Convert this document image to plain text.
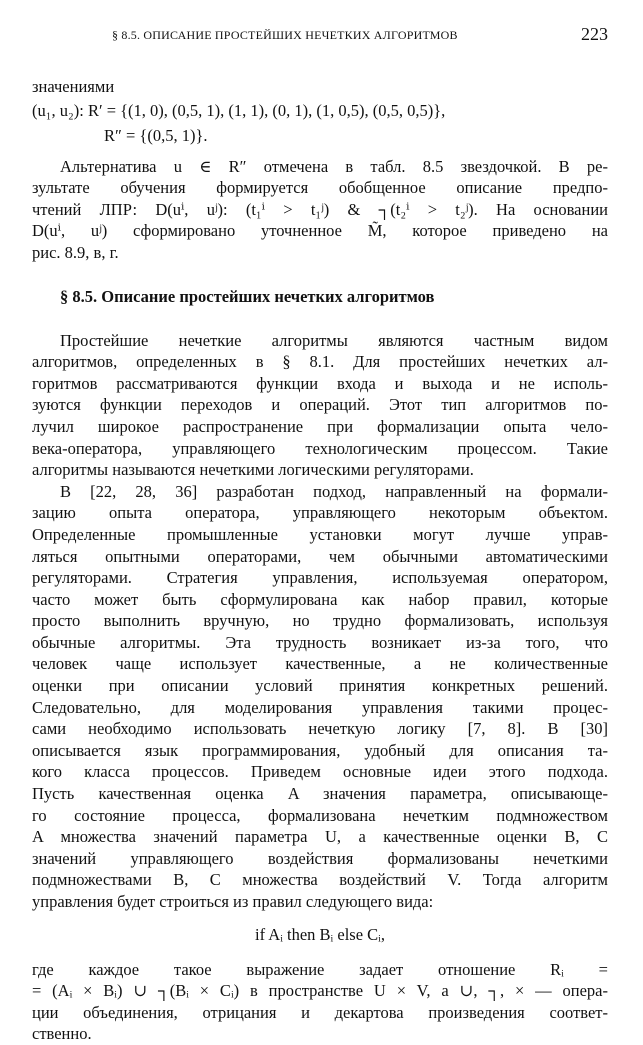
§ 8.5. ОПИСАНИЕ ПРОСТЕЙШИХ НЕЧЕТКИХ АЛГОРИТМОВ	223
значениями
(u₁, u₂): R′ = {(1, 0), (0,5, 1), (1, 1), (0, 1), (1, 0,5), (0,5, 0,5)},
R″ = {(0,5, 1)}.
Альтернатива u ∈ R″ отмечена в табл. 8.5 звездочкой. В ре-
зультате обучения формируется обобщенное описание предпо-
чтений ЛПР: D(uⁱ, uʲ): (t₁ⁱ > t₁ʲ) & ┐(t₂ⁱ > t₂ʲ). На основании
D(uⁱ, uʲ) сформировано уточненное M̃, которое приведено на
рис. 8.9, в, г.
§ 8.5. Описание простейших нечетких алгоритмов
Простейшие нечеткие алгоритмы являются частным видом
алгоритмов, определенных в § 8.1. Для простейших нечетких ал-
горитмов рассматриваются функции входа и выхода и не исполь-
зуются функции переходов и операций. Этот тип алгоритмов по-
лучил широкое распространение при формализации опыта чело-
века-оператора, управляющего технологическим процессом. Такие
алгоритмы называются нечеткими логическими регуляторами.
В [22, 28, 36] разработан подход, направленный на формали-
зацию опыта оператора, управляющего некоторым объектом.
Определенные промышленные установки могут лучше управ-
ляться опытными операторами, чем обычными автоматическими
регуляторами. Стратегия управления, используемая оператором,
часто может быть сформулирована как набор правил, которые
просто выполнить вручную, но трудно формализовать, используя
обычные алгоритмы. Эта трудность возникает из-за того, что
человек чаще использует качественные, а не количественные
оценки при описании условий принятия конкретных решений.
Следовательно, для моделирования управления такими процес-
сами необходимо использовать нечеткую логику [7, 8]. В [30]
описывается язык программирования, удобный для описания та-
кого класса процессов. Приведем основные идеи этого подхода.
Пусть качественная оценка A значения параметра, описывающе-
го состояние процесса, формализована нечетким подмножеством
A множества значений параметра U, а качественные оценки B, C
значений управляющего воздействия формализованы нечеткими
подмножествами B, C множества воздействий V. Тогда алгоритм
управления будет строиться из правил следующего вида:
if Aᵢ then Bᵢ else Cᵢ,
где каждое такое выражение задает отношение Rᵢ =
= (Aᵢ × Bᵢ) ∪ ┐(Bᵢ × Cᵢ) в пространстве U × V, а ∪, ┐, × — опера-
ции объединения, отрицания и декартова произведения соответ-
ственно.
